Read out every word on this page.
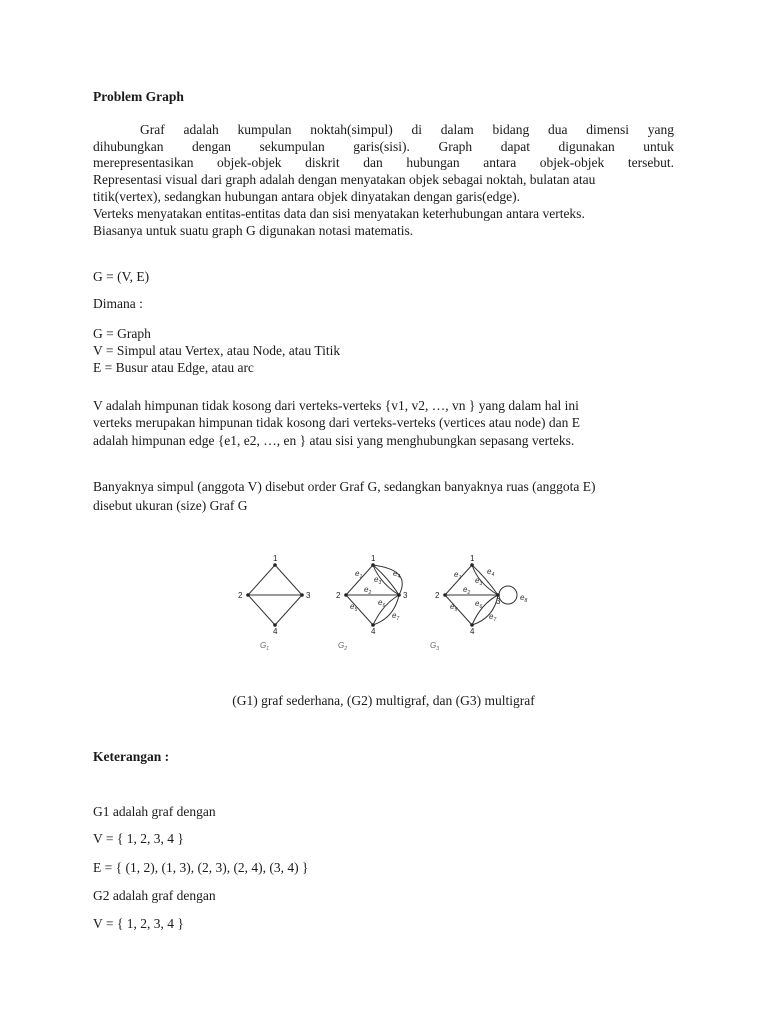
Problem Graph
Graf adalah kumpulan noktah(simpul) di dalam bidang dua dimensi yang
dihubungkan dengan sekumpulan garis(sisi). Graph dapat digunakan untuk
merepresentasikan objek-objek diskrit dan hubungan antara objek-objek tersebut.
Representasi visual dari graph adalah dengan menyatakan objek sebagai noktah, bulatan atau
titik(vertex), sedangkan hubungan antara objek dinyatakan dengan garis(edge).
Verteks menyatakan entitas-entitas data dan sisi menyatakan keterhubungan antara verteks.
Biasanya untuk suatu graph G digunakan notasi matematis.
G = (V, E)
Dimana :
G = Graph
V = Simpul atau Vertex, atau Node, atau Titik
E = Busur atau Edge, atau arc
V adalah himpunan tidak kosong dari verteks-verteks {v1, v2, …, vn } yang dalam hal ini
verteks merupakan himpunan tidak kosong dari verteks-verteks (vertices atau node) dan E
adalah himpunan edge {e1, e2, …, en } atau sisi yang menghubungkan sepasang verteks.
Banyaknya simpul (anggota V) disebut order Graf G, sedangkan banyaknya ruas (anggota E)
disebut ukuran (size) Graf G
1
2	3
4
1
2	3
4
1
2
3
4
$e_1$
$e_2$
$e_3$
$e_4$
$e_5$
$e_6$
$e_7$
$e_1$
$e_2$
$e_3$
$e_4$
$e_5$
$e_6$
$e_7$
$e_8$
$G_1$	$G_2$	$G_3$
(G1) graf sederhana, (G2) multigraf, dan (G3) multigraf
Keterangan :
G1 adalah graf dengan
V = { 1, 2, 3, 4 }
E = { (1, 2), (1, 3), (2, 3), (2, 4), (3, 4) }
G2 adalah graf dengan
V = { 1, 2, 3, 4 }
